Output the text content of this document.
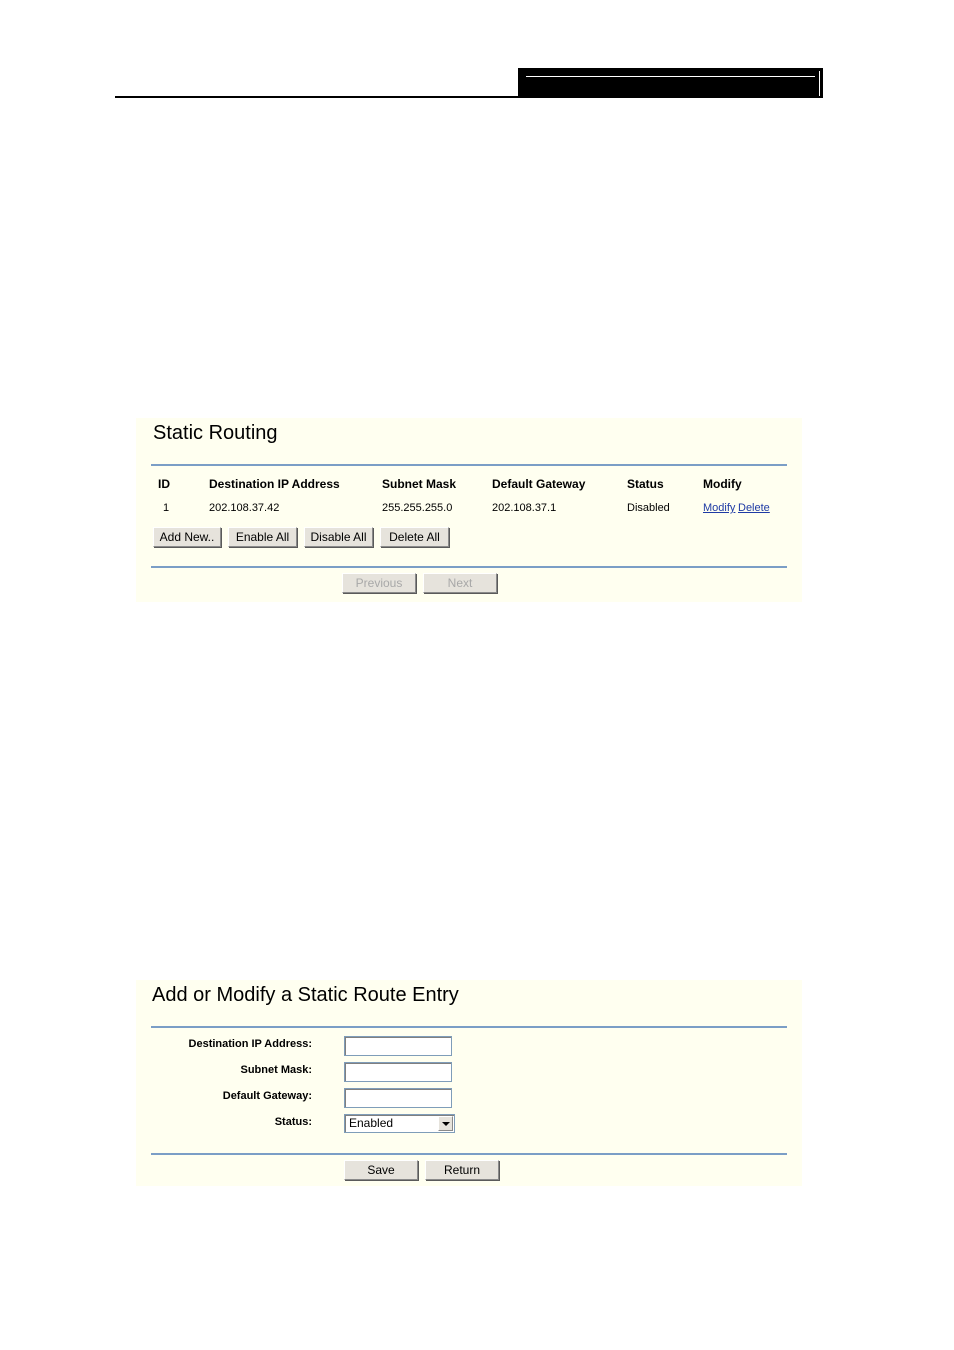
Static Routing
ID	Destination IP Address	Subnet Mask	Default Gateway	Status	Modify
1	202.108.37.42	255.255.255.0	202.108.37.1	Disabled	Modify Delete
Add New..	Enable All	Disable All	Delete All
Previous	Next
Add or Modify a Static Route Entry
Destination IP Address:
Subnet Mask:
Default Gateway:
Status:	Enabled
Save	Return
